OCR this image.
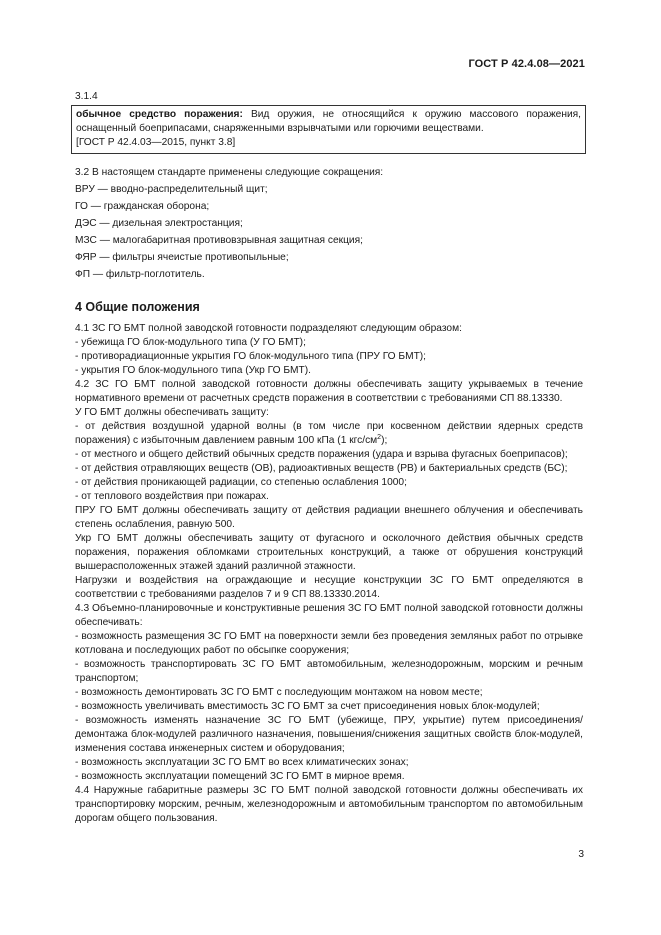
ГОСТ Р 42.4.08—2021

3.1.4

обычное средство поражения: Вид оружия, не относящийся к оружию массового поражения, оснащенный боеприпасами, снаряженными взрывчатыми или горючими веществами.

[ГОСТ Р 42.4.03—2015, пункт 3.8]

3.2 В настоящем стандарте применены следующие сокращения:

ВРУ — вводно-распределительный щит;

ГО — гражданская оборона;

ДЭС — дизельная электростанция;

МЗС — малогабаритная противовзрывная защитная секция;

ФЯР — фильтры ячеистые противопыльные;

ФП — фильтр-поглотитель.

4 Общие положения

4.1 ЗС ГО БМТ полной заводской готовности подразделяют следующим образом:

- убежища ГО блок-модульного типа (У ГО БМТ);

- противорадиационные укрытия ГО блок-модульного типа (ПРУ ГО БМТ);

- укрытия ГО блок-модульного типа (Укр ГО БМТ).

4.2 ЗС ГО БМТ полной заводской готовности должны обеспечивать защиту укрываемых в течение нормативного времени от расчетных средств поражения в соответствии с требованиями СП 88.13330.

У ГО БМТ должны обеспечивать защиту:

- от действия воздушной ударной волны (в том числе при косвенном действии ядерных средств поражения) с избыточным давлением равным 100 кПа (1 кгс/$см^2$);

- от местного и общего действий обычных средств поражения (удара и взрыва фугасных боеприпасов);

- от действия отравляющих веществ (ОВ), радиоактивных веществ (РВ) и бактериальных средств (БС);

- от действия проникающей радиации, со степенью ослабления 1000;

- от теплового воздействия при пожарах.

ПРУ ГО БМТ должны обеспечивать защиту от действия радиации внешнего облучения и обеспечивать степень ослабления, равную 500.

Укр ГО БМТ должны обеспечивать защиту от фугасного и осколочного действия обычных средств поражения, поражения обломками строительных конструкций, а также от обрушения конструкций вышерасположенных этажей зданий различной этажности.

Нагрузки и воздействия на ограждающие и несущие конструкции ЗС ГО БМТ определяются в соответствии с требованиями разделов 7 и 9 СП 88.13330.2014.

4.3 Объемно-планировочные и конструктивные решения ЗС ГО БМТ полной заводской готовности должны обеспечивать:

- возможность размещения ЗС ГО БМТ на поверхности земли без проведения земляных работ по отрывке котлована и последующих работ по обсыпке сооружения;

- возможность транспортировать ЗС ГО БМТ автомобильным, железнодорожным, морским и речным транспортом;

- возможность демонтировать ЗС ГО БМТ с последующим монтажом на новом месте;

- возможность увеличивать вместимость ЗС ГО БМТ за счет присоединения новых блок-модулей;

- возможность изменять назначение ЗС ГО БМТ (убежище, ПРУ, укрытие) путем присоединения/демонтажа блок-модулей различного назначения, повышения/снижения защитных свойств блок-модулей, изменения состава инженерных систем и оборудования;

- возможность эксплуатации ЗС ГО БМТ во всех климатических зонах;

- возможность эксплуатации помещений ЗС ГО БМТ в мирное время.

4.4 Наружные габаритные размеры ЗС ГО БМТ полной заводской готовности должны обеспечивать их транспортировку морским, речным, железнодорожным и автомобильным транспортом по автомобильным дорогам общего пользования.

3
